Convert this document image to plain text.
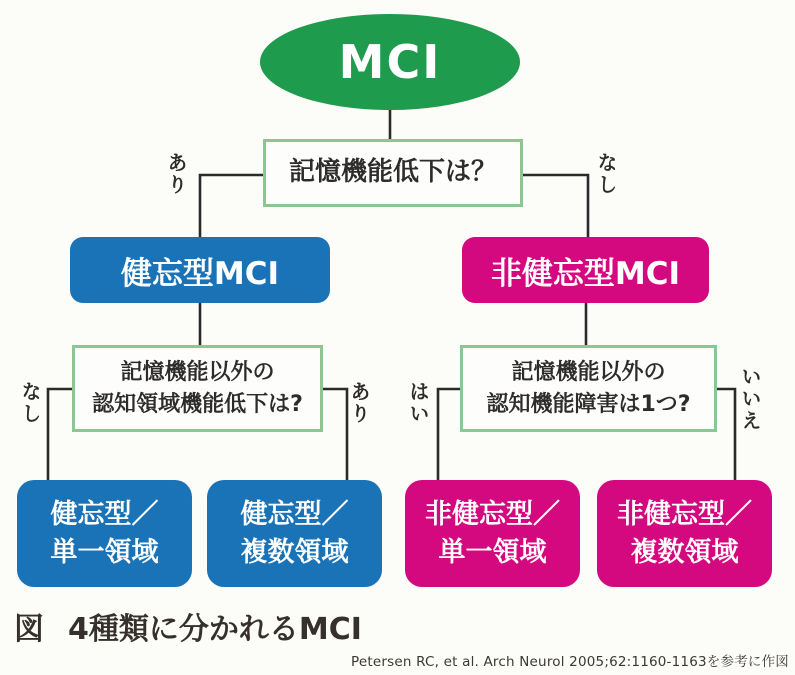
MCI
記憶機能低下は？
あり	なし
健忘型MCI	非健忘型MCI
記憶機能以外の
認知領域機能低下は?
なし	あり
記憶機能以外の
認知機能障害は1つ?
はい	いいえ
健忘型／
単一領域
健忘型／
複数領域
非健忘型／
単一領域
非健忘型／
複数領域
図 4種類に分かれるMCI
Petersen RC, et al. Arch Neurol 2005;62:1160-1163を参考に作図
